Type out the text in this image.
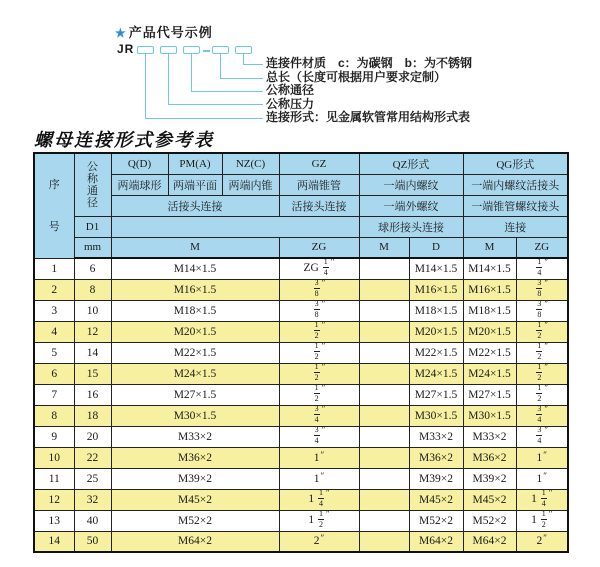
★ 产品代号示例
JR
连接件材质　c：为碳钢　b：为不锈钢
总长（长度可根据用户要求定制）
公称通径
公称压力
连接形式：见金属软管常用结构形式表
螺母连接形式参考表
序
号

公
称
通
径
	Q(D)	PM(A)	NZ(C)	GZ	QZ形式	QG形式
		两端球形	两端平面	两端内锥	两端锥管	一端内螺纹		一端内螺纹活接头	
		活接头连接			活接头连接	一端外螺纹		一端锥管螺纹接头	
	D1					球形接头连接		连接	
	mm	M			ZG	M	D	M	ZG
1	6	M14×1.5			ZG $\frac{1}{4} ''$		M14×1.5	M14×1.5	$\frac{1}{4} ''$
2	8	M16×1.5			$\frac{3}{8} ''$		M16×1.5	M16×1.5	$\frac{3}{8} ''$
3	10	M18×1.5			$\frac{3}{8} ''$		M18×1.5	M18×1.5	$\frac{3}{8} ''$
4	12	M20×1.5			$\frac{1}{2} ''$		M20×1.5	M20×1.5	$\frac{1}{2} ''$
5	14	M22×1.5			$\frac{1}{2} ''$		M22×1.5	M22×1.5	$\frac{1}{2} ''$
6	15	M24×1.5			$\frac{1}{2} ''$		M24×1.5	M24×1.5	$\frac{1}{2} ''$
7	16	M27×1.5			$\frac{1}{2} ''$		M27×1.5	M27×1.5	$\frac{1}{2} ''$
8	18	M30×1.5			$\frac{3}{4} ''$		M30×1.5	M30×1.5	$\frac{3}{4} ''$
9	20	M33×2			$\frac{3}{4} ''$		M33×2	M33×2	$\frac{3}{4} ''$
10	22	M36×2			1″		M36×2	M36×2	1″
11	25	M39×2			1″		M39×2	M39×2	1″
12	32	M45×2			$1 \frac{1}{4} ''$		M45×2	M45×2	$1 \frac{1}{4} ''$
13	40	M52×2			$1 \frac{1}{2} ''$		M52×2	M52×2	$1 \frac{1}{2} ''$
14	50	M64×2			2″		M64×2	M64×2	2″
